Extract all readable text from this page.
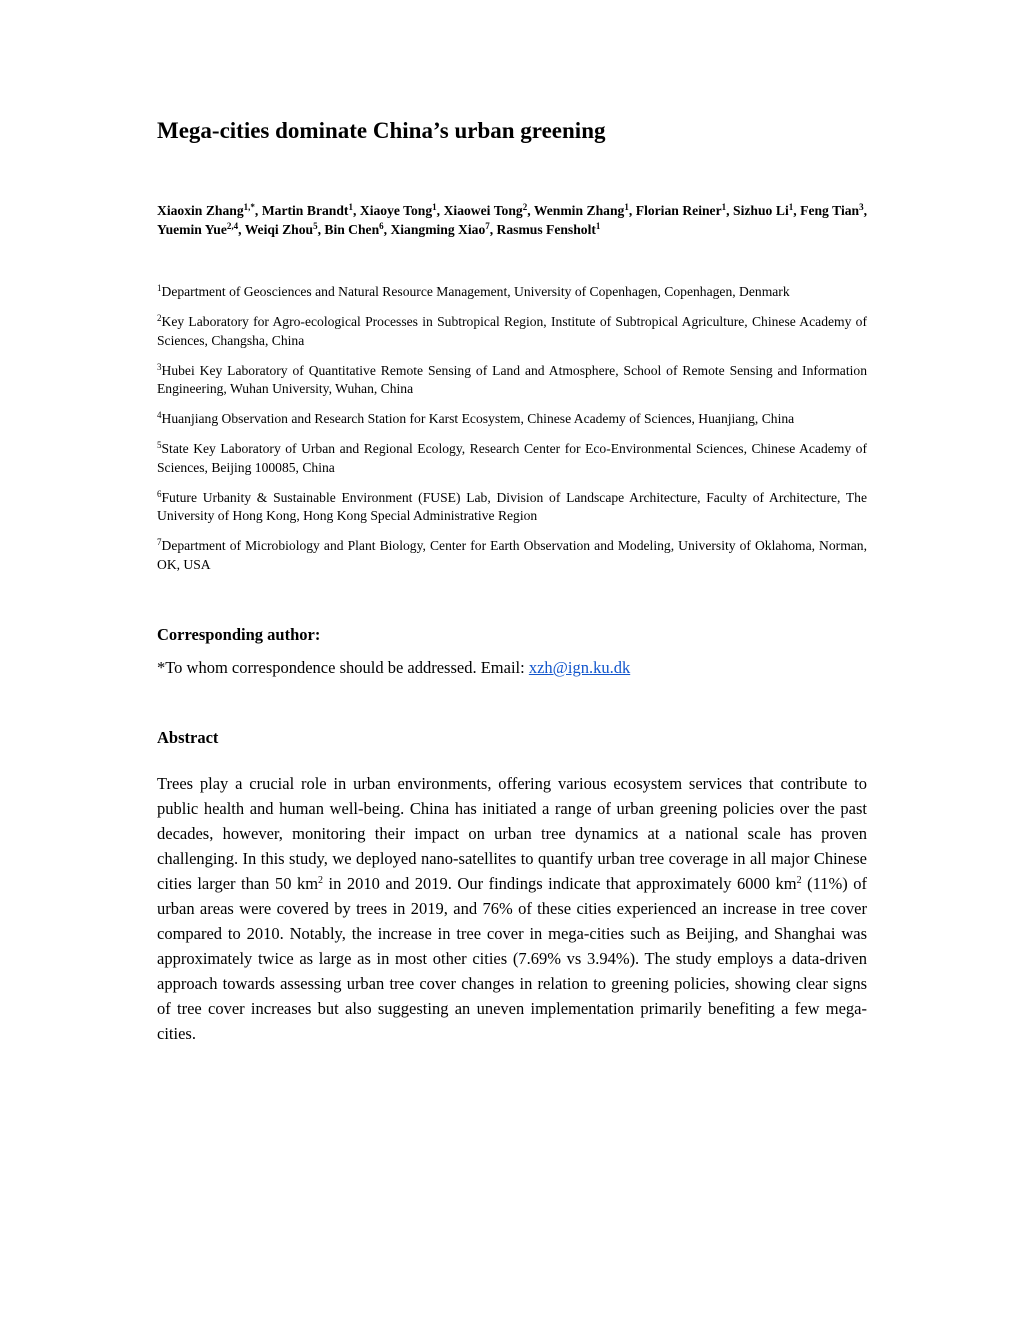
Mega-cities dominate China’s urban greening

Xiaoxin Zhang$^{1,*}$, Martin Brandt$^1$, Xiaoye Tong$^1$, Xiaowei Tong$^2$, Wenmin Zhang$^1$, Florian Reiner$^1$, Sizhuo Li$^1$, Feng Tian$^3$, Yuemin Yue$^{2,4}$, Weiqi Zhou$^5$, Bin Chen$^6$, Xiangming Xiao$^7$, Rasmus Fensholt$^1$

$^1$Department of Geosciences and Natural Resource Management, University of Copenhagen, Copenhagen, Denmark

$^2$Key Laboratory for Agro-ecological Processes in Subtropical Region, Institute of Subtropical Agriculture, Chinese Academy of Sciences, Changsha, China

$^3$Hubei Key Laboratory of Quantitative Remote Sensing of Land and Atmosphere, School of Remote Sensing and Information Engineering, Wuhan University, Wuhan, China

$^4$Huanjiang Observation and Research Station for Karst Ecosystem, Chinese Academy of Sciences, Huanjiang, China

$^5$State Key Laboratory of Urban and Regional Ecology, Research Center for Eco-Environmental Sciences, Chinese Academy of Sciences, Beijing 100085, China

$^6$Future Urbanity & Sustainable Environment (FUSE) Lab, Division of Landscape Architecture, Faculty of Architecture, The University of Hong Kong, Hong Kong Special Administrative Region

$^7$Department of Microbiology and Plant Biology, Center for Earth Observation and Modeling, University of Oklahoma, Norman, OK, USA

Corresponding author:

*To whom correspondence should be addressed. Email: xzh@ign.ku.dk

Abstract

Trees play a crucial role in urban environments, offering various ecosystem services that contribute to public health and human well-being. China has initiated a range of urban greening policies over the past decades, however, monitoring their impact on urban tree dynamics at a national scale has proven challenging. In this study, we deployed nano-satellites to quantify urban tree coverage in all major Chinese cities larger than 50 $km^2$ in 2010 and 2019. Our findings indicate that approximately 6000 $km^2$ (11%) of urban areas were covered by trees in 2019, and 76% of these cities experienced an increase in tree cover compared to 2010. Notably, the increase in tree cover in mega-cities such as Beijing, and Shanghai was approximately twice as large as in most other cities (7.69% vs 3.94%). The study employs a data-driven approach towards assessing urban tree cover changes in relation to greening policies, showing clear signs of tree cover increases but also suggesting an uneven implementation primarily benefiting a few mega-cities.
